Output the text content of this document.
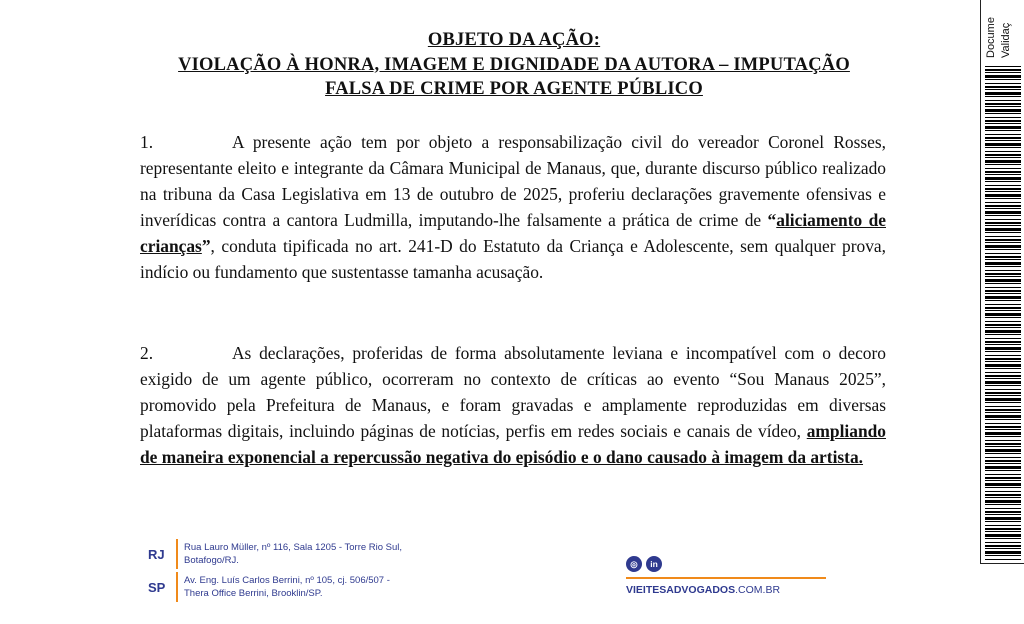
OBJETO DA AÇÃO:
VIOLAÇÃO À HONRA, IMAGEM E DIGNIDADE DA AUTORA – IMPUTAÇÃO
FALSA DE CRIME POR AGENTE PÚBLICO

1.	A presente ação tem por objeto a responsabilização civil do vereador Coronel Rosses, representante eleito e integrante da Câmara Municipal de Manaus, que, durante discurso público realizado na tribuna da Casa Legislativa em 13 de outubro de 2025, proferiu declarações gravemente ofensivas e inverídicas contra a cantora Ludmilla, imputando-lhe falsamente a prática de crime de “aliciamento de crianças”, conduta tipificada no art. 241-D do Estatuto da Criança e Adolescente, sem qualquer prova, indício ou fundamento que sustentasse tamanha acusação.

2.	As declarações, proferidas de forma absolutamente leviana e incompatível com o decoro exigido de um agente público, ocorreram no contexto de críticas ao evento “Sou Manaus 2025”, promovido pela Prefeitura de Manaus, e foram gravadas e amplamente reproduzidas em diversas plataformas digitais, incluindo páginas de notícias, perfis em redes sociais e canais de vídeo, ampliando de maneira exponencial a repercussão negativa do episódio e o dano causado à imagem da artista.

RJ	Rua Lauro Müller, nº 116, Sala 1205 - Torre Rio Sul,
Botafogo/RJ.
SP	Av. Eng. Luís Carlos Berrini, nº 105, cj. 506/507 -
Thera Office Berrini, Brooklin/SP.
◎	in
VIEITESADVOGADOS.COM.BR
Docume Validaç
